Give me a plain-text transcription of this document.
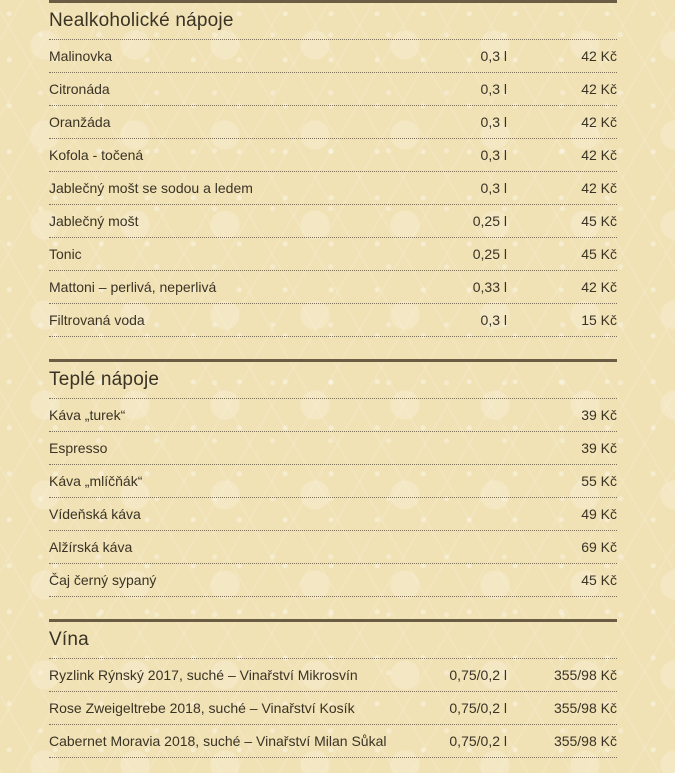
Nealkoholické nápoje
Malinovka	0,3 l	42 Kč
Citronáda	0,3 l	42 Kč
Oranžáda	0,3 l	42 Kč
Kofola - točená	0,3 l	42 Kč
Jablečný mošt se sodou a ledem	0,3 l	42 Kč
Jablečný mošt	0,25 l	45 Kč
Tonic	0,25 l	45 Kč
Mattoni – perlivá, neperlivá	0,33 l	42 Kč
Filtrovaná voda	0,3 l	15 Kč
Teplé nápoje
Káva „turek“	39 Kč
Espresso	39 Kč
Káva „mlíčňák“	55 Kč
Vídeňská káva	49 Kč
Alžírská káva	69 Kč
Čaj černý sypaný	45 Kč
Vína
Ryzlink Rýnský 2017, suché – Vinařství Mikrosvín	0,75/0,2 l	355/98 Kč
Rose Zweigeltrebe 2018, suché – Vinařství Kosík	0,75/0,2 l	355/98 Kč
Cabernet Moravia 2018, suché – Vinařství Milan Sůkal	0,75/0,2 l	355/98 Kč
